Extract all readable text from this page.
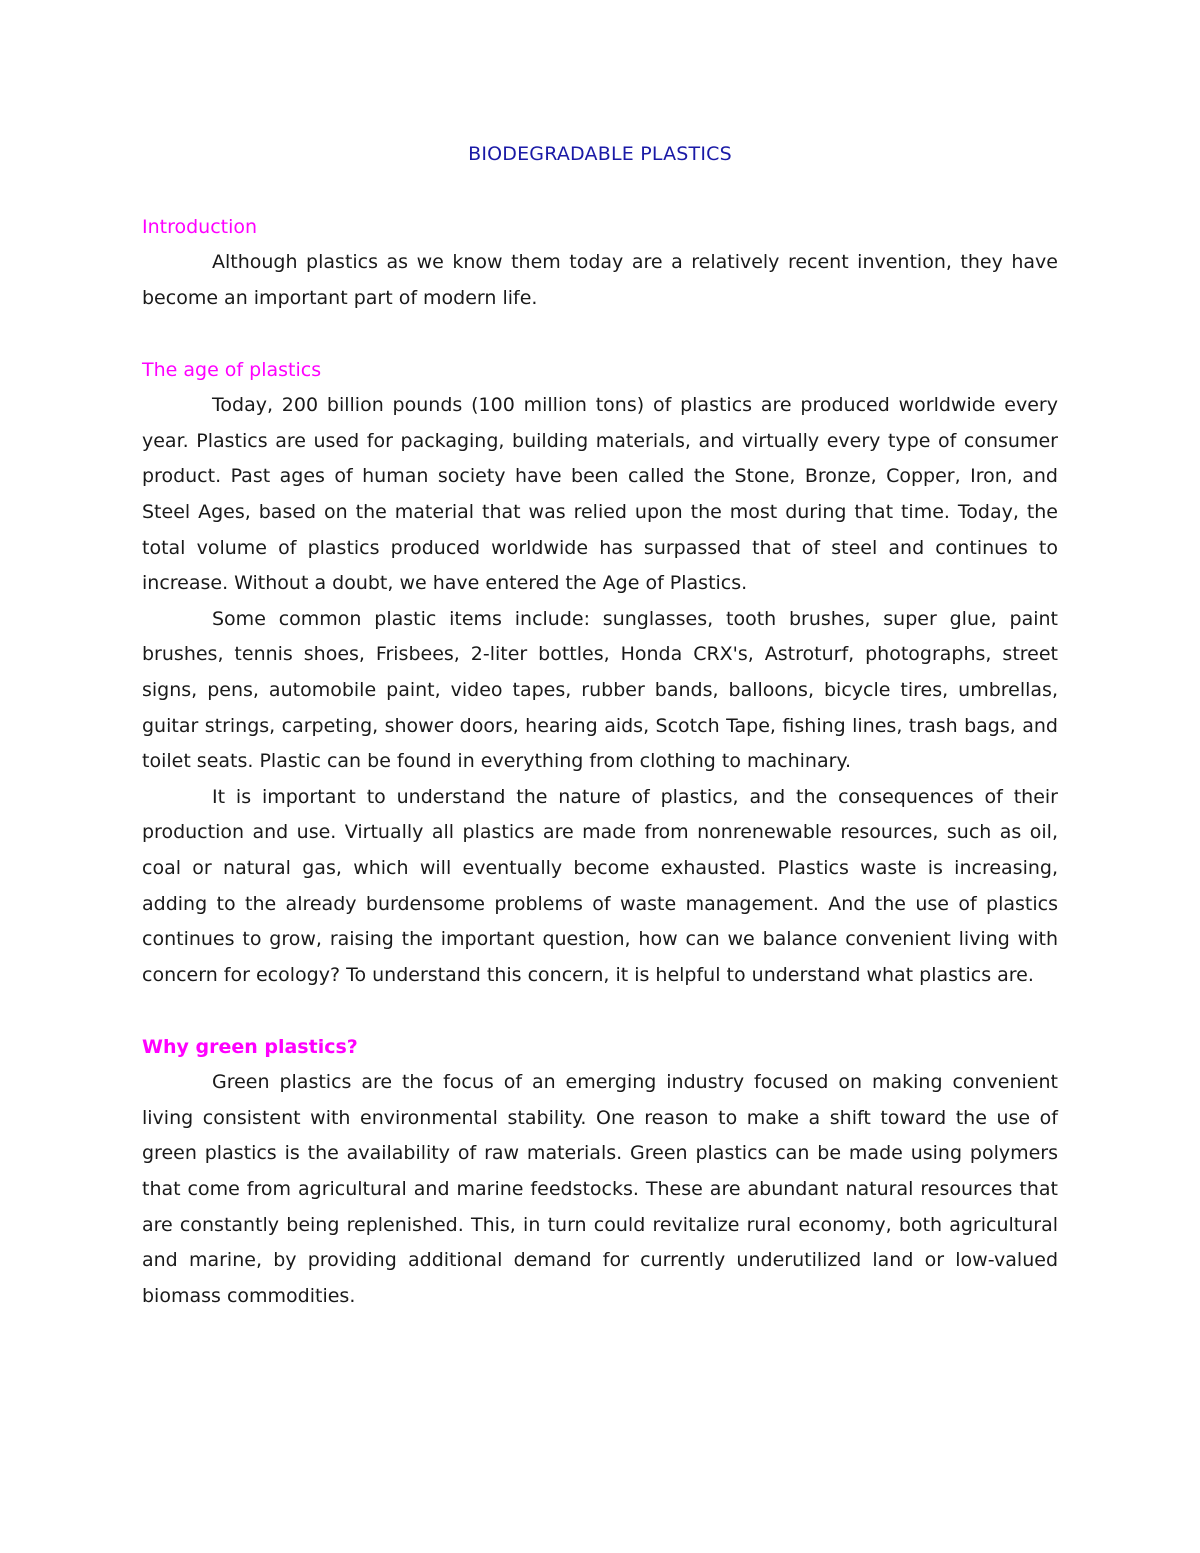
BIODEGRADABLE PLASTICS
Introduction

Although plastics as we know them today are a relatively recent invention, they have become an important part of modern life.

The age of plastics

Today, 200 billion pounds (100 million tons) of plastics are produced worldwide every year. Plastics are used for packaging, building materials, and virtually every type of consumer product. Past ages of human society have been called the Stone, Bronze, Copper, Iron, and Steel Ages, based on the material that was relied upon the most during that time. Today, the total volume of plastics produced worldwide has surpassed that of steel and continues to increase. Without a doubt, we have entered the Age of Plastics.

Some common plastic items include: sunglasses, tooth brushes, super glue, paint brushes, tennis shoes, Frisbees, 2-liter bottles, Honda CRX's, Astroturf, photographs, street signs, pens, automobile paint, video tapes, rubber bands, balloons, bicycle tires, umbrellas, guitar strings, carpeting, shower doors, hearing aids, Scotch Tape, fishing lines, trash bags, and toilet seats. Plastic can be found in everything from clothing to machinary.

It is important to understand the nature of plastics, and the consequences of their production and use. Virtually all plastics are made from nonrenewable resources, such as oil, coal or natural gas, which will eventually become exhausted. Plastics waste is increasing, adding to the already burdensome problems of waste management. And the use of plastics continues to grow, raising the important question, how can we balance convenient living with concern for ecology? To understand this concern, it is helpful to understand what plastics are.

Why green plastics?

Green plastics are the focus of an emerging industry focused on making convenient living consistent with environmental stability. One reason to make a shift toward the use of green plastics is the availability of raw materials. Green plastics can be made using polymers that come from agricultural and marine feedstocks. These are abundant natural resources that are constantly being replenished. This, in turn could revitalize rural economy, both agricultural and marine, by providing additional demand for currently underutilized land or low-valued biomass commodities.
